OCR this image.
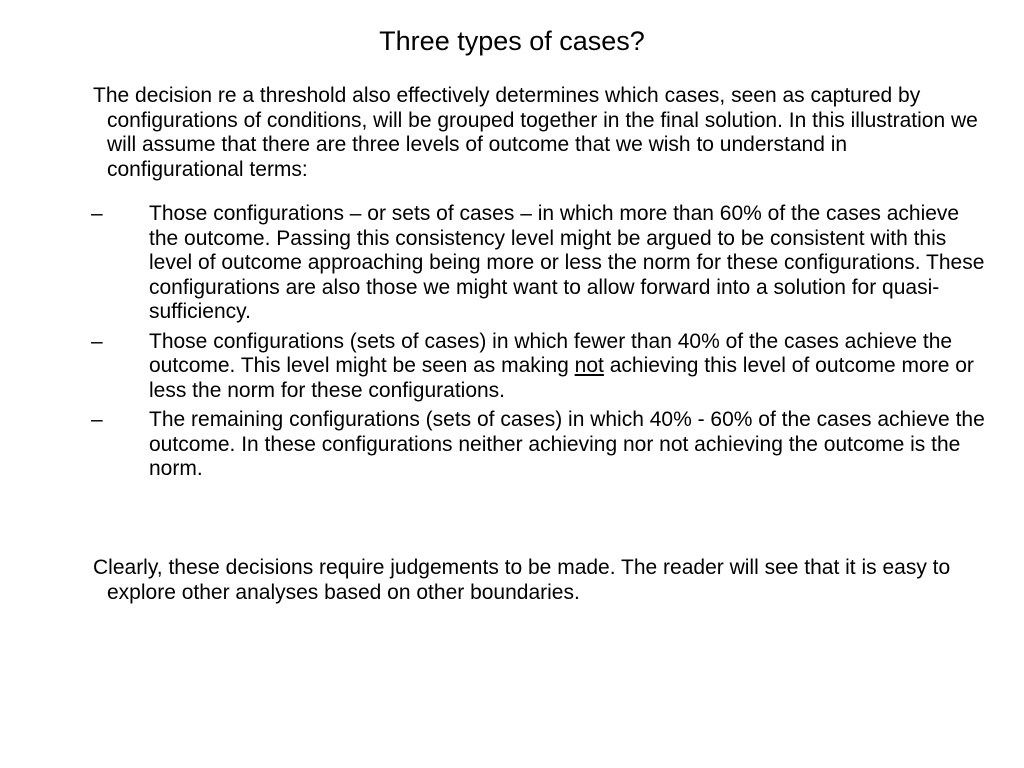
Three types of cases?

The decision re a threshold also effectively determines which cases, seen as captured by configurations of conditions, will be grouped together in the final solution. In this illustration we will assume that there are three levels of outcome that we wish to understand in configurational terms:

– Those configurations – or sets of cases – in which more than 60% of the cases achieve the outcome. Passing this consistency level might be argued to be consistent with this level of outcome approaching being more or less the norm for these configurations. These configurations are also those we might want to allow forward into a solution for quasi-sufficiency.
– Those configurations (sets of cases) in which fewer than 40% of the cases achieve the outcome. This level might be seen as making not achieving this level of outcome more or less the norm for these configurations.
– The remaining configurations (sets of cases) in which 40% - 60% of the cases achieve the outcome. In these configurations neither achieving nor not achieving the outcome is the norm.

Clearly, these decisions require judgements to be made. The reader will see that it is easy to explore other analyses based on other boundaries.
